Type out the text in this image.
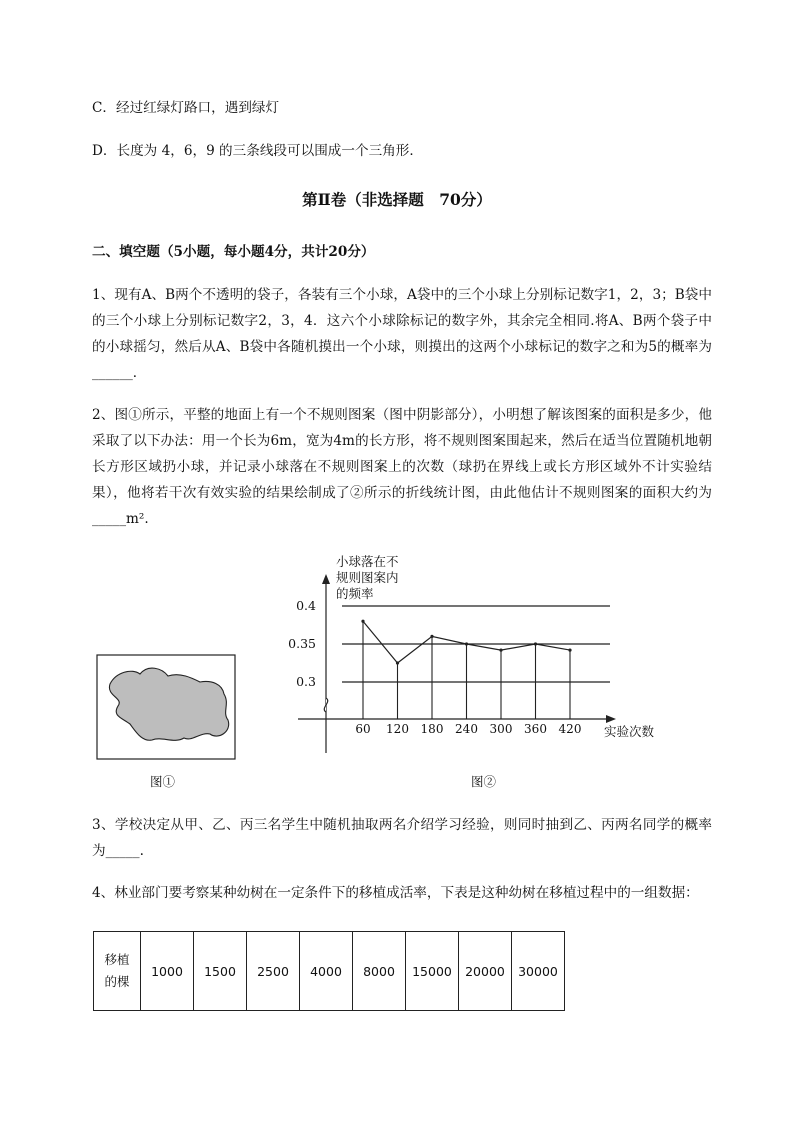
C．经过红绿灯路口，遇到绿灯

D．长度为 4，6，9 的三条线段可以围成一个三角形．

第Ⅱ卷（非选择题　70分）
二、填空题（5小题，每小题4分，共计20分）

1、现有A、B两个不透明的袋子，各装有三个小球，A袋中的三个小球上分别标记数字1，2，3；B袋中的三个小球上分别标记数字2，3，4．这六个小球除标记的数字外，其余完全相同.将A、B两个袋子中的小球摇匀，然后从A、B袋中各随机摸出一个小球，则摸出的这两个小球标记的数字之和为5的概率为______．

2、图①所示，平整的地面上有一个不规则图案（图中阴影部分），小明想了解该图案的面积是多少，他采取了以下办法：用一个长为6m，宽为4m的长方形，将不规则图案围起来，然后在适当位置随机地朝长方形区域扔小球，并记录小球落在不规则图案上的次数（球扔在界线上或长方形区域外不计实验结果），他将若干次有效实验的结果绘制成了②所示的折线统计图，由此他估计不规则图案的面积大约为 _____m².

图①
0.4
0.35
0.3
60 120 180 240 300 360 420
小球落在不
规则图案内
的频率
实验次数
图②

3、学校决定从甲、乙、丙三名学生中随机抽取两名介绍学习经验，则同时抽到乙、丙两名同学的概率为_____.

4、林业部门要考察某种幼树在一定条件下的移植成活率，下表是这种幼树在移植过程中的一组数据：

移植
的棵	1000	1500	2500	4000	8000	15000	20000	30000
